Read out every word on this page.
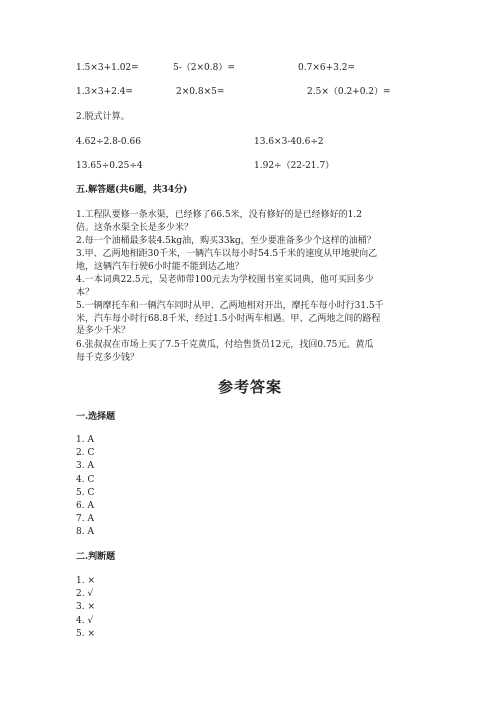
1.5×3+1.02=	5-（2×0.8）=	0.7×6+3.2=
1.3×3+2.4=	2×0.8×5=	2.5×（0.2+0.2）=
2.脱式计算。
4.62÷2.8-0.66	13.6×3-40.6÷2
13.65÷0.25÷4	1.92÷（22-21.7）
五.解答题(共6题，共34分)
1.工程队要修一条水渠，已经修了66.5米，没有修好的是已经修好的1.2
倍。这条水渠全长是多少米？
2.每一个油桶最多装4.5kg油，购买33kg，至少要准备多少个这样的油桶？
3.甲、乙两地相距30千米，一辆汽车以每小时54.5千米的速度从甲地驶向乙
地，这辆汽车行驶6小时能不能到达乙地？
4.一本词典22.5元，吴老师带100元去为学校图书室买词典，他可买回多少
本？
5.一辆摩托车和一辆汽车同时从甲、乙两地相对开出，摩托车每小时行31.5千
米，汽车每小时行68.8千米，经过1.5小时两车相遇。甲、乙两地之间的路程
是多少千米？
6.张叔叔在市场上买了7.5千克黄瓜，付给售货员12元，找回0.75元。黄瓜
每千克多少钱？
参考答案
一.选择题
1. A
2. C
3. A
4. C
5. C
6. A
7. A
8. A
二.判断题
1. ×
2. √
3. ×
4. √
5. ×
